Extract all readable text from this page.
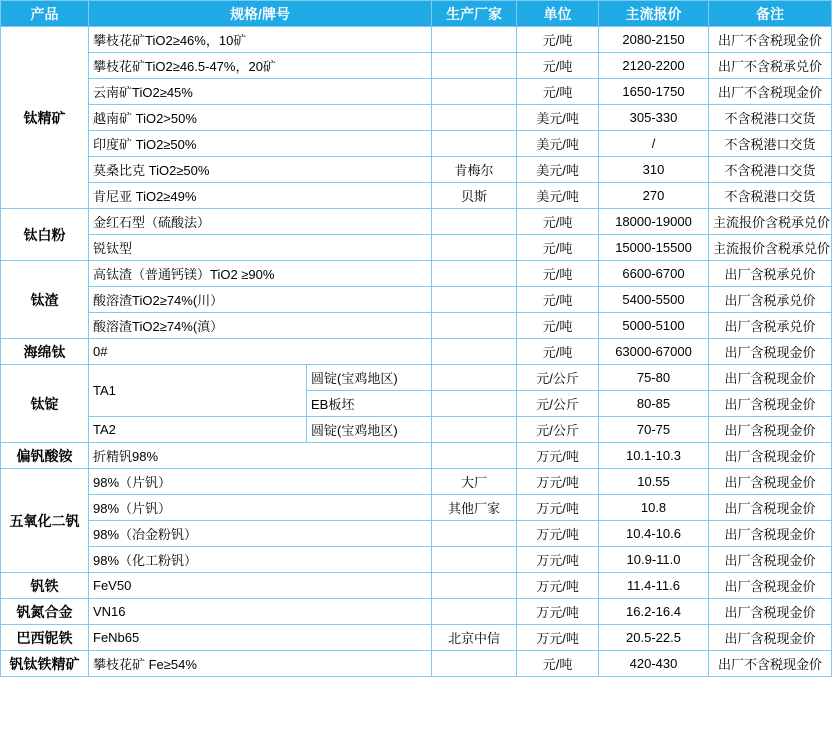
产品	规格/牌号		生产厂家	单位	主流报价	备注
钛精矿	攀枝花矿TiO2≥46%，10矿			元/吨	2080-2150	出厂不含税现金价
	攀枝花矿TiO2≥46.5-47%，20矿			元/吨	2120-2200	出厂不含税承兑价
	云南矿TiO2≥45%			元/吨	1650-1750	出厂不含税现金价
	越南矿 TiO2>50%			美元/吨	305-330	不含税港口交货
	印度矿 TiO2≥50%			美元/吨	/	不含税港口交货
	莫桑比克 TiO2≥50%		肯梅尔	美元/吨	310	不含税港口交货
	肯尼亚 TiO2≥49%		贝斯	美元/吨	270	不含税港口交货
钛白粉	金红石型（硫酸法）			元/吨	18000-19000	主流报价含税承兑价
	锐钛型			元/吨	15000-15500	主流报价含税承兑价
钛渣	高钛渣（普通钙镁）TiO2 ≥90%			元/吨	6600-6700	出厂含税承兑价
	酸溶渣TiO2≥74%(川）			元/吨	5400-5500	出厂含税承兑价
	酸溶渣TiO2≥74%(滇）			元/吨	5000-5100	出厂含税承兑价
海绵钛	0#			元/吨	63000-67000	出厂含税现金价
钛锭	TA1	圆锭(宝鸡地区)		元/公斤	75-80	出厂含税现金价
		EB板坯		元/公斤	80-85	出厂含税现金价
	TA2	圆锭(宝鸡地区)		元/公斤	70-75	出厂含税现金价
偏钒酸铵	折精钒98%			万元/吨	10.1-10.3	出厂含税现金价
五氧化二钒	98%（片钒）		大厂	万元/吨	10.55	出厂含税现金价
	98%（片钒）		其他厂家	万元/吨	10.8	出厂含税现金价
	98%（冶金粉钒）			万元/吨	10.4-10.6	出厂含税现金价
	98%（化工粉钒）			万元/吨	10.9-11.0	出厂含税现金价
钒铁	FeV50			万元/吨	11.4-11.6	出厂含税现金价
钒氮合金	VN16			万元/吨	16.2-16.4	出厂含税现金价
巴西铌铁	FeNb65		北京中信	万元/吨	20.5-22.5	出厂含税现金价
钒钛铁精矿	攀枝花矿 Fe≥54%			元/吨	420-430	出厂不含税现金价
